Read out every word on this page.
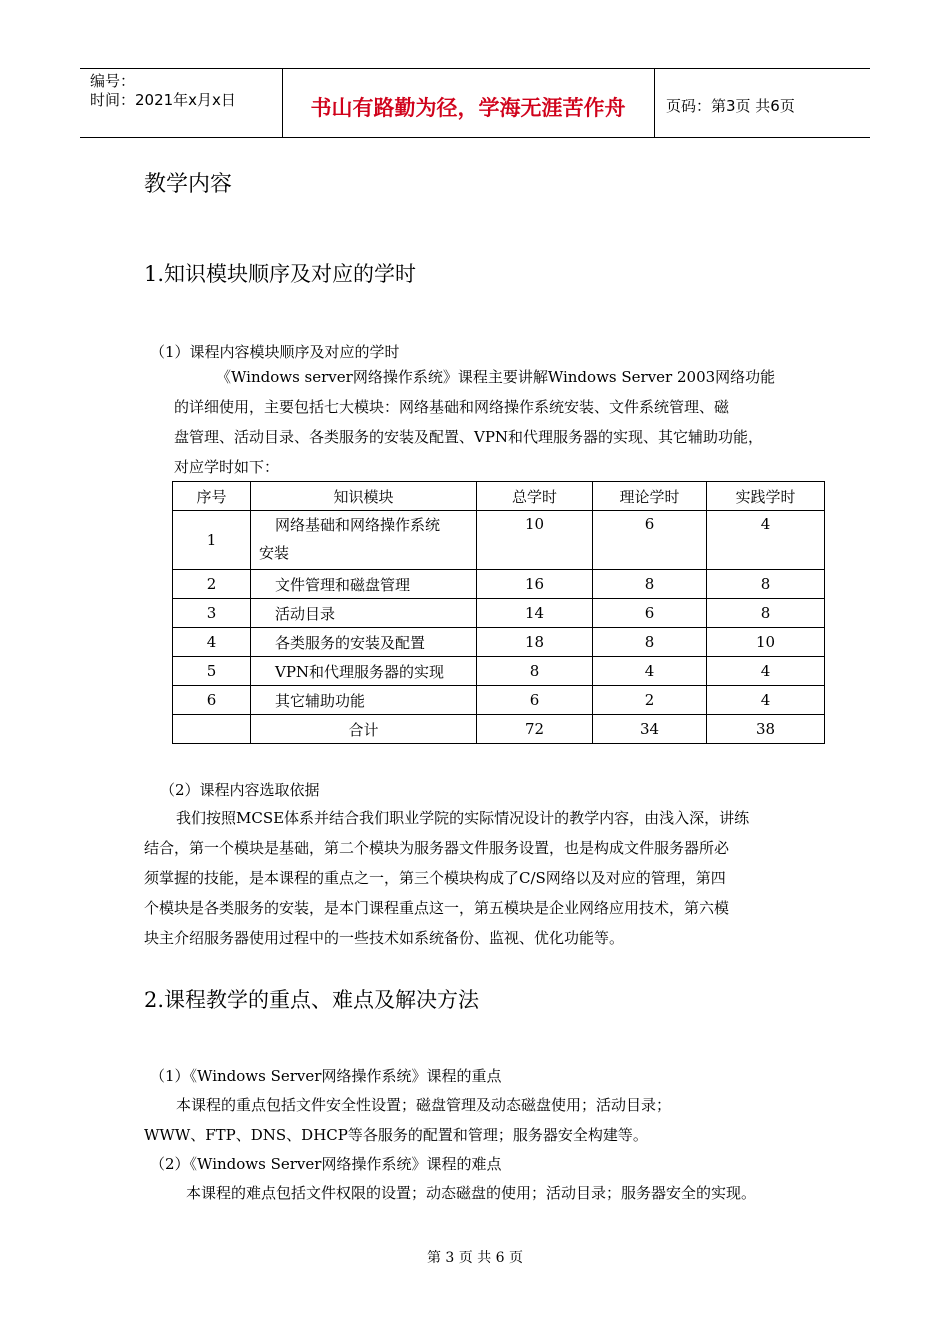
编号：
时间：2021年x月x日	书山有路勤为径，学海无涯苦作舟	页码：第3页 共6页
教学内容
1.知识模块顺序及对应的学时
（1）课程内容模块顺序及对应的学时
《Windows server网络操作系统》课程主要讲解Windows Server 2003网络功能
的详细使用，主要包括七大模块：网络基础和网络操作系统安装、文件系统管理、磁
盘管理、活动目录、各类服务的安装及配置、VPN和代理服务器的实现、其它辅助功能，
对应学时如下：
序号	知识模块	总学时	理论学时	实践学时
1	网络基础和网络操作系统
安装	10	6	4
2	文件管理和磁盘管理	16	8	8
3	活动目录	14	6	8
4	各类服务的安装及配置	18	8	10
5	VPN和代理服务器的实现	8	4	4
6	其它辅助功能	6	2	4
	合计	72	34	38
（2）课程内容选取依据
我们按照MCSE体系并结合我们职业学院的实际情况设计的教学内容，由浅入深，讲练
结合，第一个模块是基础，第二个模块为服务器文件服务设置，也是构成文件服务器所必
须掌握的技能，是本课程的重点之一，第三个模块构成了C/S网络以及对应的管理，第四
个模块是各类服务的安装，是本门课程重点这一，第五模块是企业网络应用技术，第六模
块主介绍服务器使用过程中的一些技术如系统备份、监视、优化功能等。
2.课程教学的重点、难点及解决方法
（1）《Windows Server网络操作系统》课程的重点
本课程的重点包括文件安全性设置；磁盘管理及动态磁盘使用；活动目录；
WWW、FTP、DNS、DHCP等各服务的配置和管理；服务器安全构建等。
（2）《Windows Server网络操作系统》课程的难点
本课程的难点包括文件权限的设置；动态磁盘的使用；活动目录；服务器安全的实现。
第 3 页 共 6 页
